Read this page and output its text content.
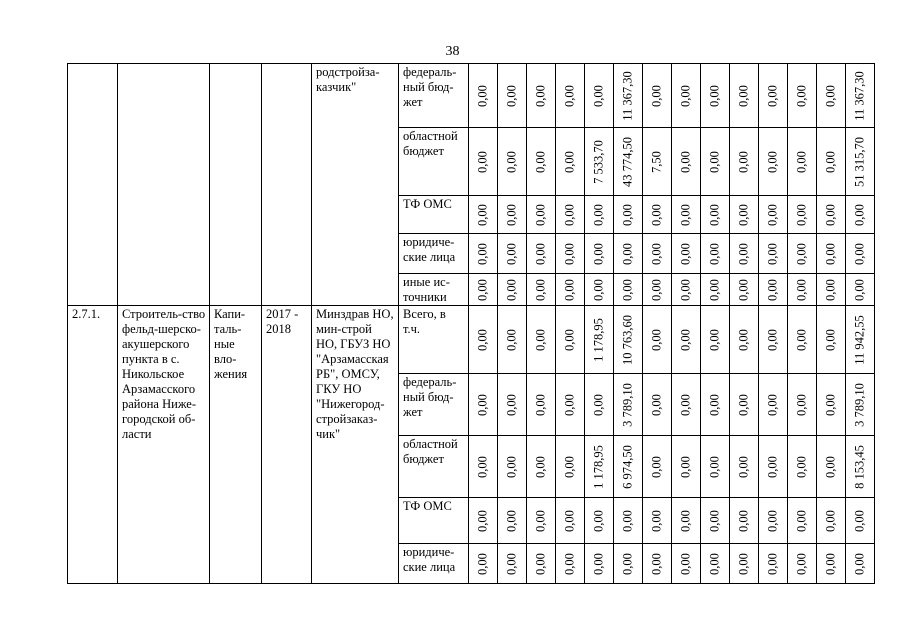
38
				родстройза-казчик"	федераль-ный бюд-жет	0,00	0,00	0,00	0,00	0,00	11 367,30	0,00	0,00	0,00	0,00	0,00	0,00	0,00	11 367,30

					областной бюджет	0,00	0,00	0,00	0,00	7 533,70	43 774,50	7,50	0,00	0,00	0,00	0,00	0,00	0,00	51 315,70

					ТФ ОМС	0,00	0,00	0,00	0,00	0,00	0,00	0,00	0,00	0,00	0,00	0,00	0,00	0,00	0,00

					юридиче-ские лица	0,00	0,00	0,00	0,00	0,00	0,00	0,00	0,00	0,00	0,00	0,00	0,00	0,00	0,00

					иные ис-точники	0,00	0,00	0,00	0,00	0,00	0,00	0,00	0,00	0,00	0,00	0,00	0,00	0,00	0,00

2.7.1.	Строитель-ство фельд-шерско-акушерского пункта в с. Никольское Арзамасского района Ниже-городской об-ласти	Капи-таль-ные вло-жения	2017 - 2018	Минздрав НО, мин-строй НО, ГБУЗ НО "Арзамасская РБ", ОМСУ, ГКУ НО "Нижегород-стройзаказ-чик"	Всего, в т.ч.	0,00	0,00	0,00	0,00	1 178,95	10 763,60	0,00	0,00	0,00	0,00	0,00	0,00	0,00	11 942,55

					федераль-ный бюд-жет	0,00	0,00	0,00	0,00	0,00	3 789,10	0,00	0,00	0,00	0,00	0,00	0,00	0,00	3 789,10

					областной бюджет	0,00	0,00	0,00	0,00	1 178,95	6 974,50	0,00	0,00	0,00	0,00	0,00	0,00	0,00	8 153,45

					ТФ ОМС	0,00	0,00	0,00	0,00	0,00	0,00	0,00	0,00	0,00	0,00	0,00	0,00	0,00	0,00

					юридиче-ские лица	0,00	0,00	0,00	0,00	0,00	0,00	0,00	0,00	0,00	0,00	0,00	0,00	0,00	0,00
